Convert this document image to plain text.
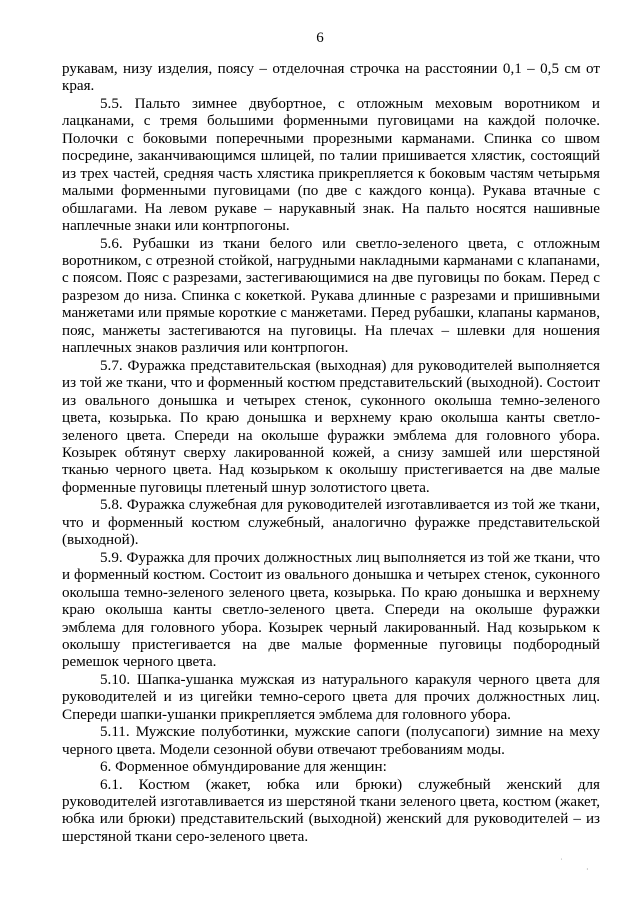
6

рукавам, низу изделия, поясу – отделочная строчка на расстоянии 0,1 – 0,5 см от края.

5.5. Пальто зимнее двубортное, с отложным меховым воротником и лацканами, с тремя большими форменными пуговицами на каждой полочке. Полочки с боковыми поперечными прорезными карманами. Спинка со швом посредине, заканчивающимся шлицей, по талии пришивается хлястик, состоящий из трех частей, средняя часть хлястика прикрепляется к боковым частям четырьмя малыми форменными пуговицами (по две с каждого конца). Рукава втачные с обшлагами. На левом рукаве – нарукавный знак. На пальто носятся нашивные наплечные знаки или контрпогоны.

5.6. Рубашки из ткани белого или светло-зеленого цвета, с отложным воротником, с отрезной стойкой, нагрудными накладными карманами с клапанами, с поясом. Пояс с разрезами, застегивающимися на две пуговицы по бокам. Перед с разрезом до низа. Спинка с кокеткой. Рукава длинные с разрезами и пришивными манжетами или прямые короткие с манжетами. Перед рубашки, клапаны карманов, пояс, манжеты застегиваются на пуговицы. На плечах – шлевки для ношения наплечных знаков различия или контрпогон.

5.7. Фуражка представительская (выходная) для руководителей выполняется из той же ткани, что и форменный костюм представительский (выходной). Состоит из овального донышка и четырех стенок, суконного околыша темно-зеленого цвета, козырька. По краю донышка и верхнему краю околыша канты светло-зеленого цвета. Спереди на околыше фуражки эмблема для головного убора. Козырек обтянут сверху лакированной кожей, а снизу замшей или шерстяной тканью черного цвета. Над козырьком к околышу пристегивается на две малые форменные пуговицы плетеный шнур золотистого цвета.

5.8. Фуражка служебная для руководителей изготавливается из той же ткани, что и форменный костюм служебный, аналогично фуражке представительской (выходной).

5.9. Фуражка для прочих должностных лиц выполняется из той же ткани, что и форменный костюм. Состоит из овального донышка и четырех стенок, суконного околыша темно-зеленого зеленого цвета, козырька. По краю донышка и верхнему краю околыша канты светло-зеленого цвета. Спереди на околыше фуражки эмблема для головного убора. Козырек черный лакированный. Над козырьком к околышу пристегивается на две малые форменные пуговицы подбородный ремешок черного цвета.

5.10. Шапка-ушанка мужская из натурального каракуля черного цвета для руководителей и из цигейки темно-серого цвета для прочих должностных лиц. Спереди шапки-ушанки прикрепляется эмблема для головного убора.

5.11. Мужские полуботинки, мужские сапоги (полусапоги) зимние на меху черного цвета. Модели сезонной обуви отвечают требованиям моды.

6. Форменное обмундирование для женщин:

6.1. Костюм (жакет, юбка или брюки) служебный женский для руководителей изготавливается из шерстяной ткани зеленого цвета, костюм (жакет, юбка или брюки) представительский (выходной) женский для руководителей – из шерстяной ткани серо-зеленого цвета.

˙
·
